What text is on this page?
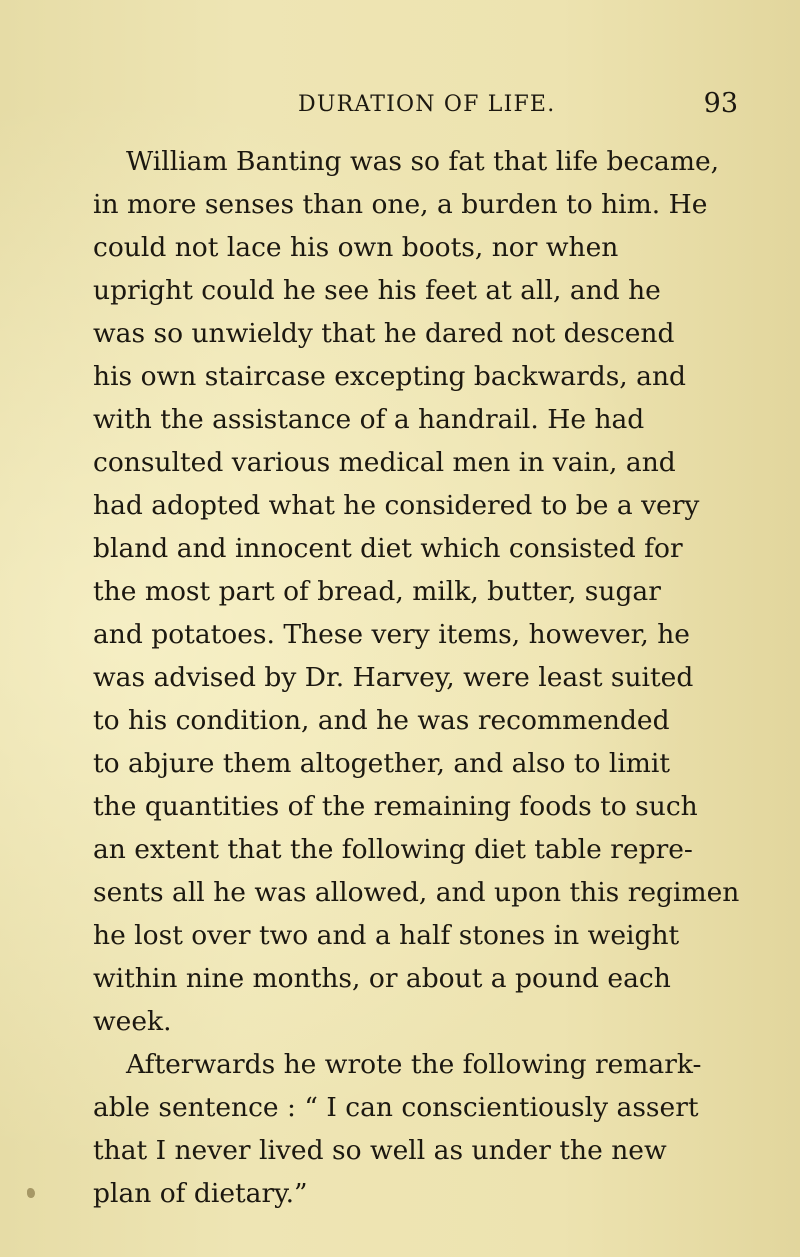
DURATION OF LIFE.	93
William Banting was so fat that life became,
in more senses than one, a burden to him. He
could not lace his own boots, nor when
upright could he see his feet at all, and he
was so unwieldy that he dared not descend
his own staircase excepting backwards, and
with the assistance of a handrail. He had
consulted various medical men in vain, and
had adopted what he considered to be a very
bland and innocent diet which consisted for
the most part of bread, milk, butter, sugar
and potatoes. These very items, however, he
was advised by Dr. Harvey, were least suited
to his condition, and he was recommended
to abjure them altogether, and also to limit
the quantities of the remaining foods to such
an extent that the following diet table repre-
sents all he was allowed, and upon this regimen
he lost over two and a half stones in weight
within nine months, or about a pound each
week.
Afterwards he wrote the following remark-
able sentence : “ I can conscientiously assert
that I never lived so well as under the new
plan of dietary.”
